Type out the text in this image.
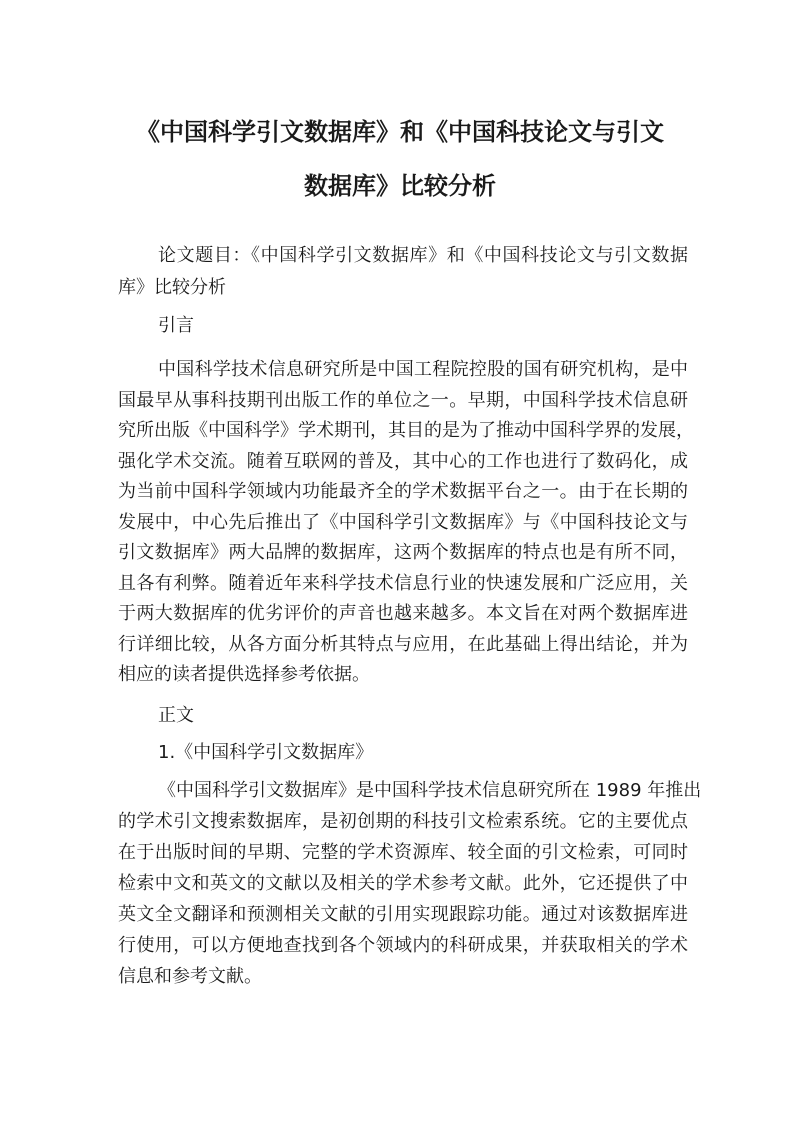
《中国科学引文数据库》和《中国科技论文与引文
数据库》比较分析
论文题目：《中国科学引文数据库》和《中国科技论文与引文数据
库》比较分析
引言
中国科学技术信息研究所是中国工程院控股的国有研究机构，是中
国最早从事科技期刊出版工作的单位之一。早期，中国科学技术信息研
究所出版《中国科学》学术期刊，其目的是为了推动中国科学界的发展，
强化学术交流。随着互联网的普及，其中心的工作也进行了数码化，成
为当前中国科学领域内功能最齐全的学术数据平台之一。由于在长期的
发展中，中心先后推出了《中国科学引文数据库》与《中国科技论文与
引文数据库》两大品牌的数据库，这两个数据库的特点也是有所不同，
且各有利弊。随着近年来科学技术信息行业的快速发展和广泛应用，关
于两大数据库的优劣评价的声音也越来越多。本文旨在对两个数据库进
行详细比较，从各方面分析其特点与应用，在此基础上得出结论，并为
相应的读者提供选择参考依据。
正文
1.《中国科学引文数据库》
《中国科学引文数据库》是中国科学技术信息研究所在 1989 年推出
的学术引文搜索数据库，是初创期的科技引文检索系统。它的主要优点
在于出版时间的早期、完整的学术资源库、较全面的引文检索，可同时
检索中文和英文的文献以及相关的学术参考文献。此外，它还提供了中
英文全文翻译和预测相关文献的引用实现跟踪功能。通过对该数据库进
行使用，可以方便地查找到各个领域内的科研成果，并获取相关的学术
信息和参考文献。
